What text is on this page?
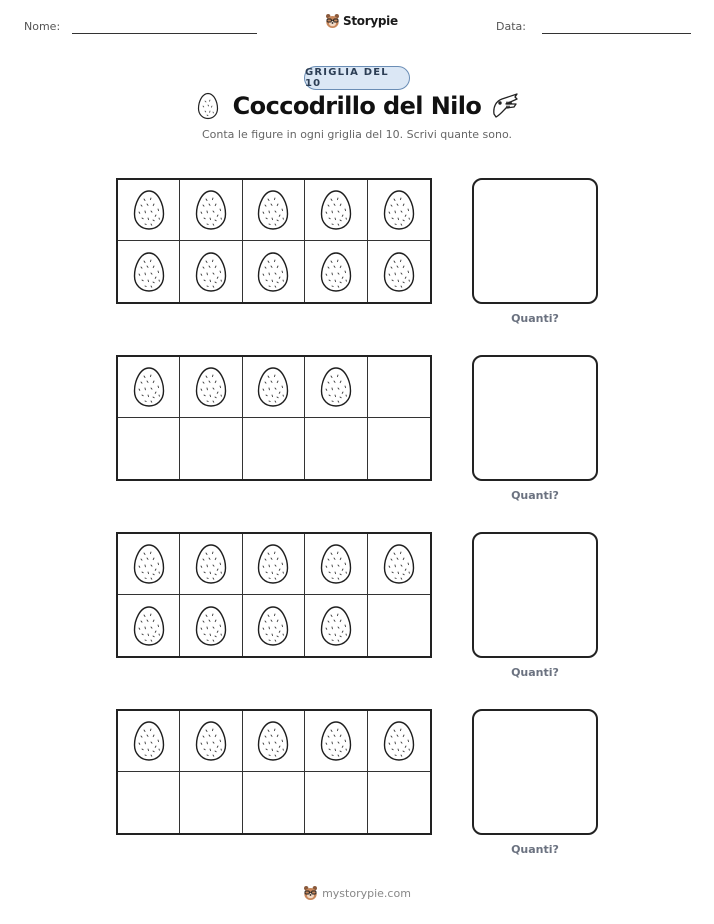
Nome:	Storypie	Data:
GRIGLIA DEL 10
Coccodrillo del Nilo
Conta le figure in ogni griglia del 10. Scrivi quante sono.
Quanti?
Quanti?
Quanti?
Quanti?
mystorypie.com
